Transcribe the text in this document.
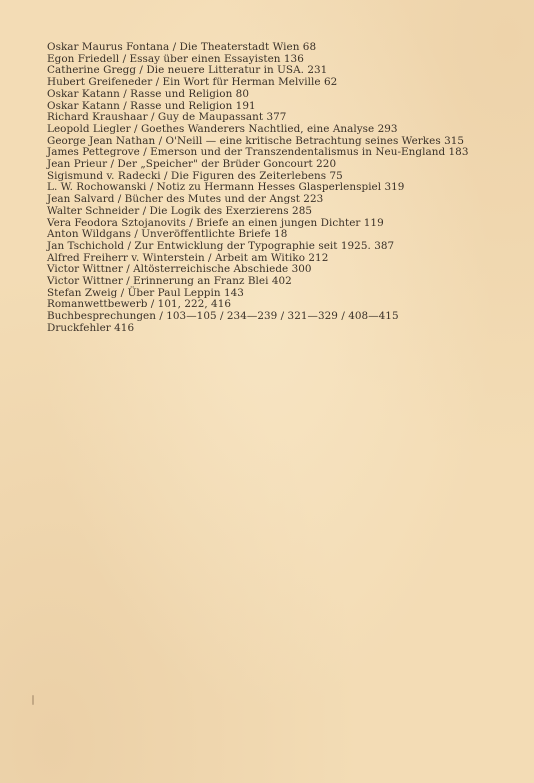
Oskar Maurus Fontana / Die Theaterstadt Wien 68
Egon Friedell / Essay über einen Essayisten 136
Catherine Gregg / Die neuere Litteratur in USA. 231
Hubert Greifeneder / Ein Wort für Herman Melville 62
Oskar Katann / Rasse und Religion 80
Oskar Katann / Rasse und Religion 191
Richard Kraushaar / Guy de Maupassant 377
Leopold Liegler / Goethes Wanderers Nachtlied, eine Analyse 293
George Jean Nathan / O'Neill — eine kritische Betrachtung seines Werkes 315
James Pettegrove / Emerson und der Transzendentalismus in Neu-England 183
Jean Prieur / Der „Speicher" der Brüder Goncourt 220
Sigismund v. Radecki / Die Figuren des Zeiterlebens 75
L. W. Rochowanski / Notiz zu Hermann Hesses Glasperlenspiel 319
Jean Salvard / Bücher des Mutes und der Angst 223
Walter Schneider / Die Logik des Exerzierens 285
Vera Feodora Sztojanovits / Briefe an einen jungen Dichter 119
Anton Wildgans / Unveröffentlichte Briefe 18
Jan Tschichold / Zur Entwicklung der Typographie seit 1925. 387
Alfred Freiherr v. Winterstein / Arbeit am Witiko 212
Victor Wittner / Altösterreichische Abschiede 300
Victor Wittner / Erinnerung an Franz Blei 402
Stefan Zweig / Über Paul Leppin 143
Romanwettbewerb / 101, 222, 416
Buchbesprechungen / 103—105 / 234—239 / 321—329 / 408—415
Druckfehler 416
